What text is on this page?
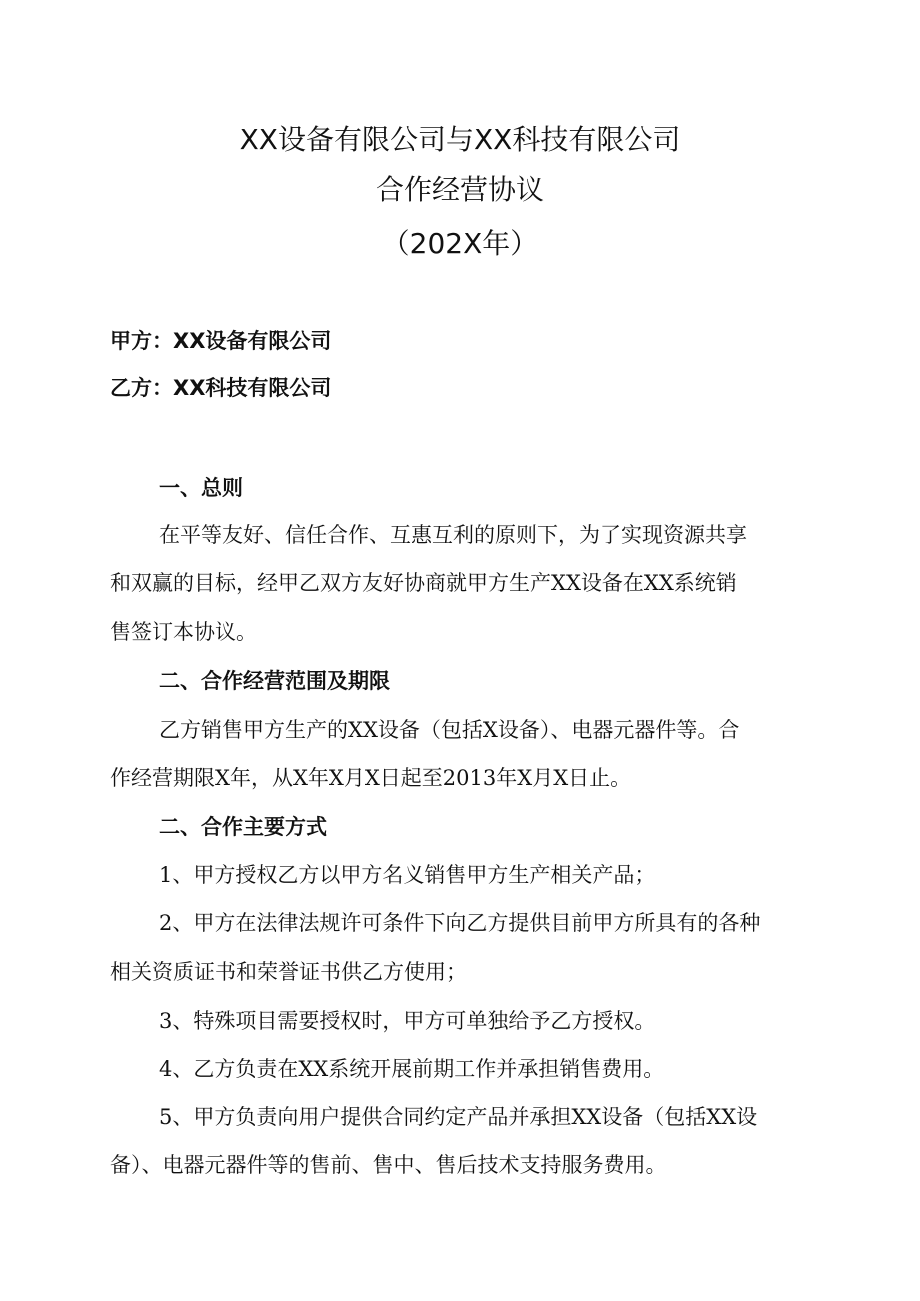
XX设备有限公司与XX科技有限公司
合作经营协议
（202X年）
甲方：XX设备有限公司
乙方：XX科技有限公司
一、总则
在平等友好、信任合作、互惠互利的原则下，为了实现资源共享
和双赢的目标，经甲乙双方友好协商就甲方生产XX设备在XX系统销
售签订本协议。
二、合作经营范围及期限
乙方销售甲方生产的XX设备（包括X设备）、电器元器件等。合
作经营期限X年，从X年X月X日起至2013年X月X日止。
二、合作主要方式
1、甲方授权乙方以甲方名义销售甲方生产相关产品；
2、甲方在法律法规许可条件下向乙方提供目前甲方所具有的各种
相关资质证书和荣誉证书供乙方使用；
3、特殊项目需要授权时，甲方可单独给予乙方授权。
4、乙方负责在XX系统开展前期工作并承担销售费用。
5、甲方负责向用户提供合同约定产品并承担XX设备（包括XX设
备）、电器元器件等的售前、售中、售后技术支持服务费用。
